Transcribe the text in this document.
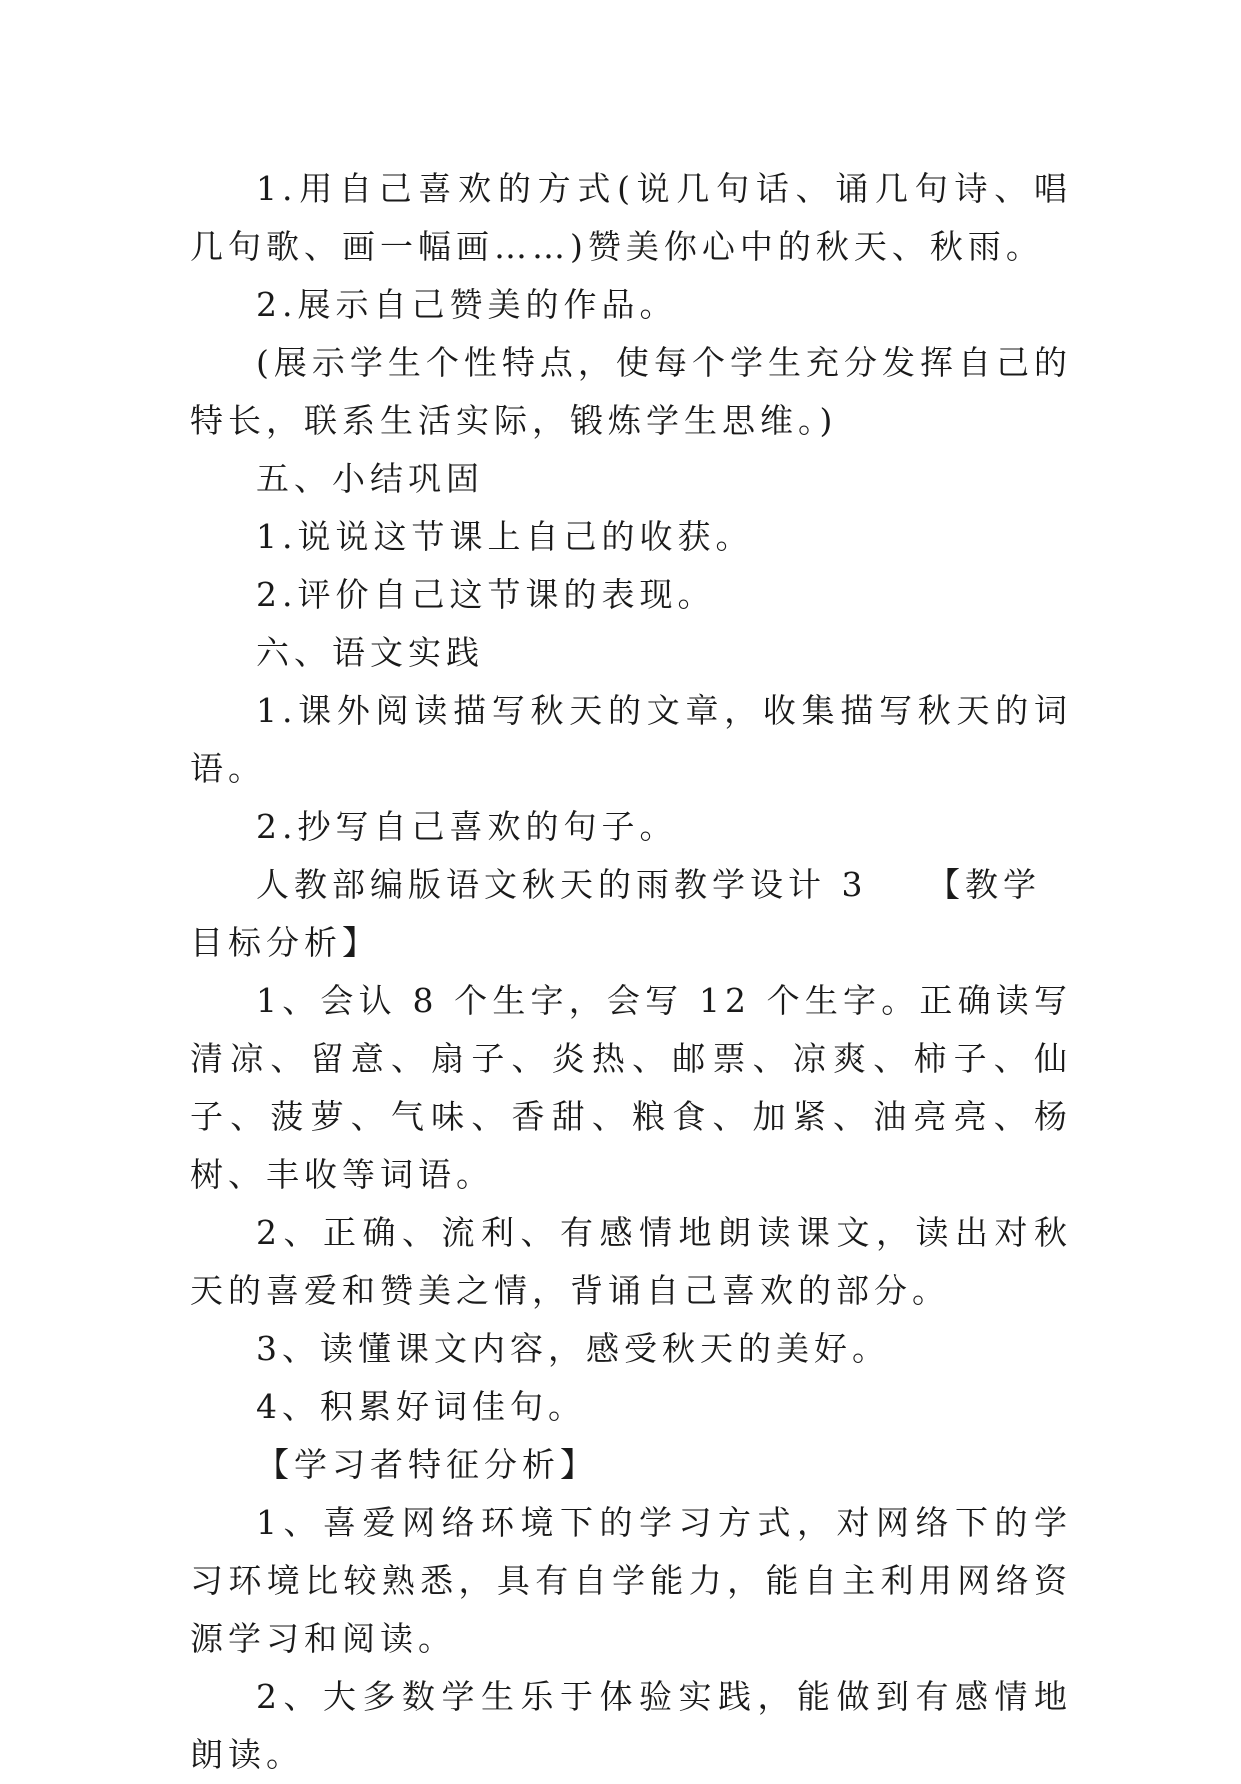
1.用自己喜欢的方式(说几句话、诵几句诗、唱几句歌、画一幅画……)赞美你心中的秋天、秋雨。

2.展示自己赞美的作品。

(展示学生个性特点，使每个学生充分发挥自己的特长，联系生活实际，锻炼学生思维。)

五、小结巩固

1.说说这节课上自己的收获。

2.评价自己这节课的表现。

六、语文实践

1.课外阅读描写秋天的文章，收集描写秋天的词语。

2.抄写自己喜欢的句子。

人教部编版语文秋天的雨教学设计 3　　【教学目标分析】

1、会认 8 个生字，会写 12 个生字。正确读写清凉、留意、扇子、炎热、邮票、凉爽、柿子、仙子、菠萝、气味、香甜、粮食、加紧、油亮亮、杨树、丰收等词语。

2、正确、流利、有感情地朗读课文，读出对秋天的喜爱和赞美之情，背诵自己喜欢的部分。

3、读懂课文内容，感受秋天的美好。

4、积累好词佳句。

【学习者特征分析】

1、喜爱网络环境下的学习方式，对网络下的学习环境比较熟悉，具有自学能力，能自主利用网络资源学习和阅读。

2、大多数学生乐于体验实践，能做到有感情地朗读。
